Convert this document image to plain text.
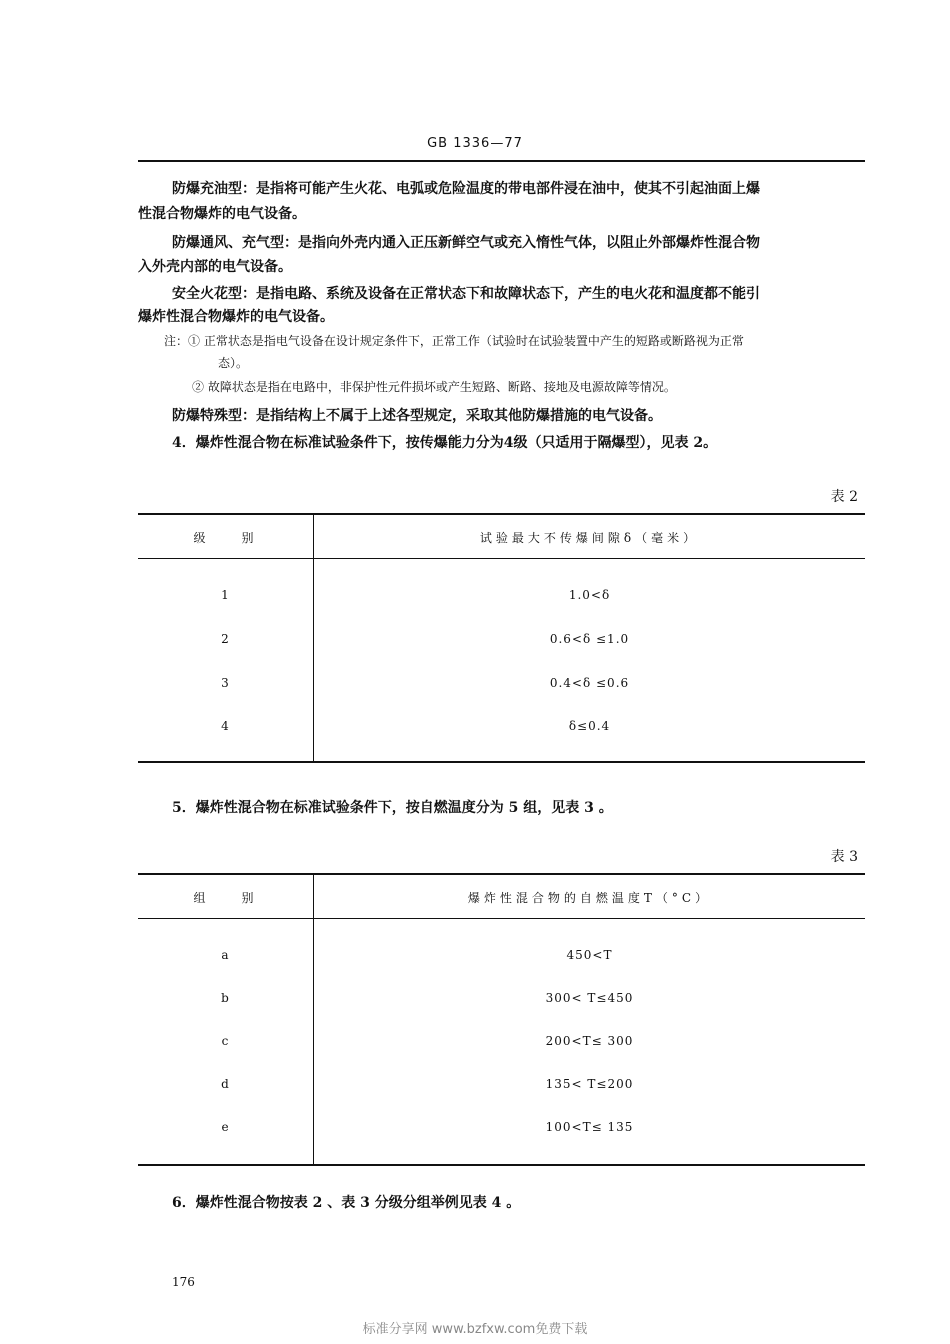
GB 1336—77
防爆充油型：是指将可能产生火花、电弧或危险温度的带电部件浸在油中，使其不引起油面上爆
性混合物爆炸的电气设备。
防爆通风、充气型：是指向外壳内通入正压新鲜空气或充入惰性气体，以阻止外部爆炸性混合物
入外壳内部的电气设备。
安全火花型：是指电路、系统及设备在正常状态下和故障状态下，产生的电火花和温度都不能引
爆炸性混合物爆炸的电气设备。
注：① 正常状态是指电气设备在设计规定条件下，正常工作（试验时在试验装置中产生的短路或断路视为正常
态）。
② 故障状态是指在电路中，非保护性元件损坏或产生短路、断路、接地及电源故障等情况。
防爆特殊型：是指结构上不属于上述各型规定，采取其他防爆措施的电气设备。
4．爆炸性混合物在标准试验条件下，按传爆能力分为4级（只适用于隔爆型），见表 2。
表 2
级　　别	试验最大不传爆间隙δ（毫米）
1	1.0<δ
2	0.6<δ ≤1.0
3	0.4<δ ≤0.6
4	δ≤0.4
5．爆炸性混合物在标准试验条件下，按自燃温度分为 5 组，见表 3 。
表 3
组　　别	爆炸性混合物的自燃温度T（°C）
a	450<T
b	300< T≤450
c	200<T≤ 300
d	135< T≤200
e	100<T≤ 135
6．爆炸性混合物按表 2 、表 3 分级分组举例见表 4 。
176
标准分享网 www.bzfxw.com免费下载
